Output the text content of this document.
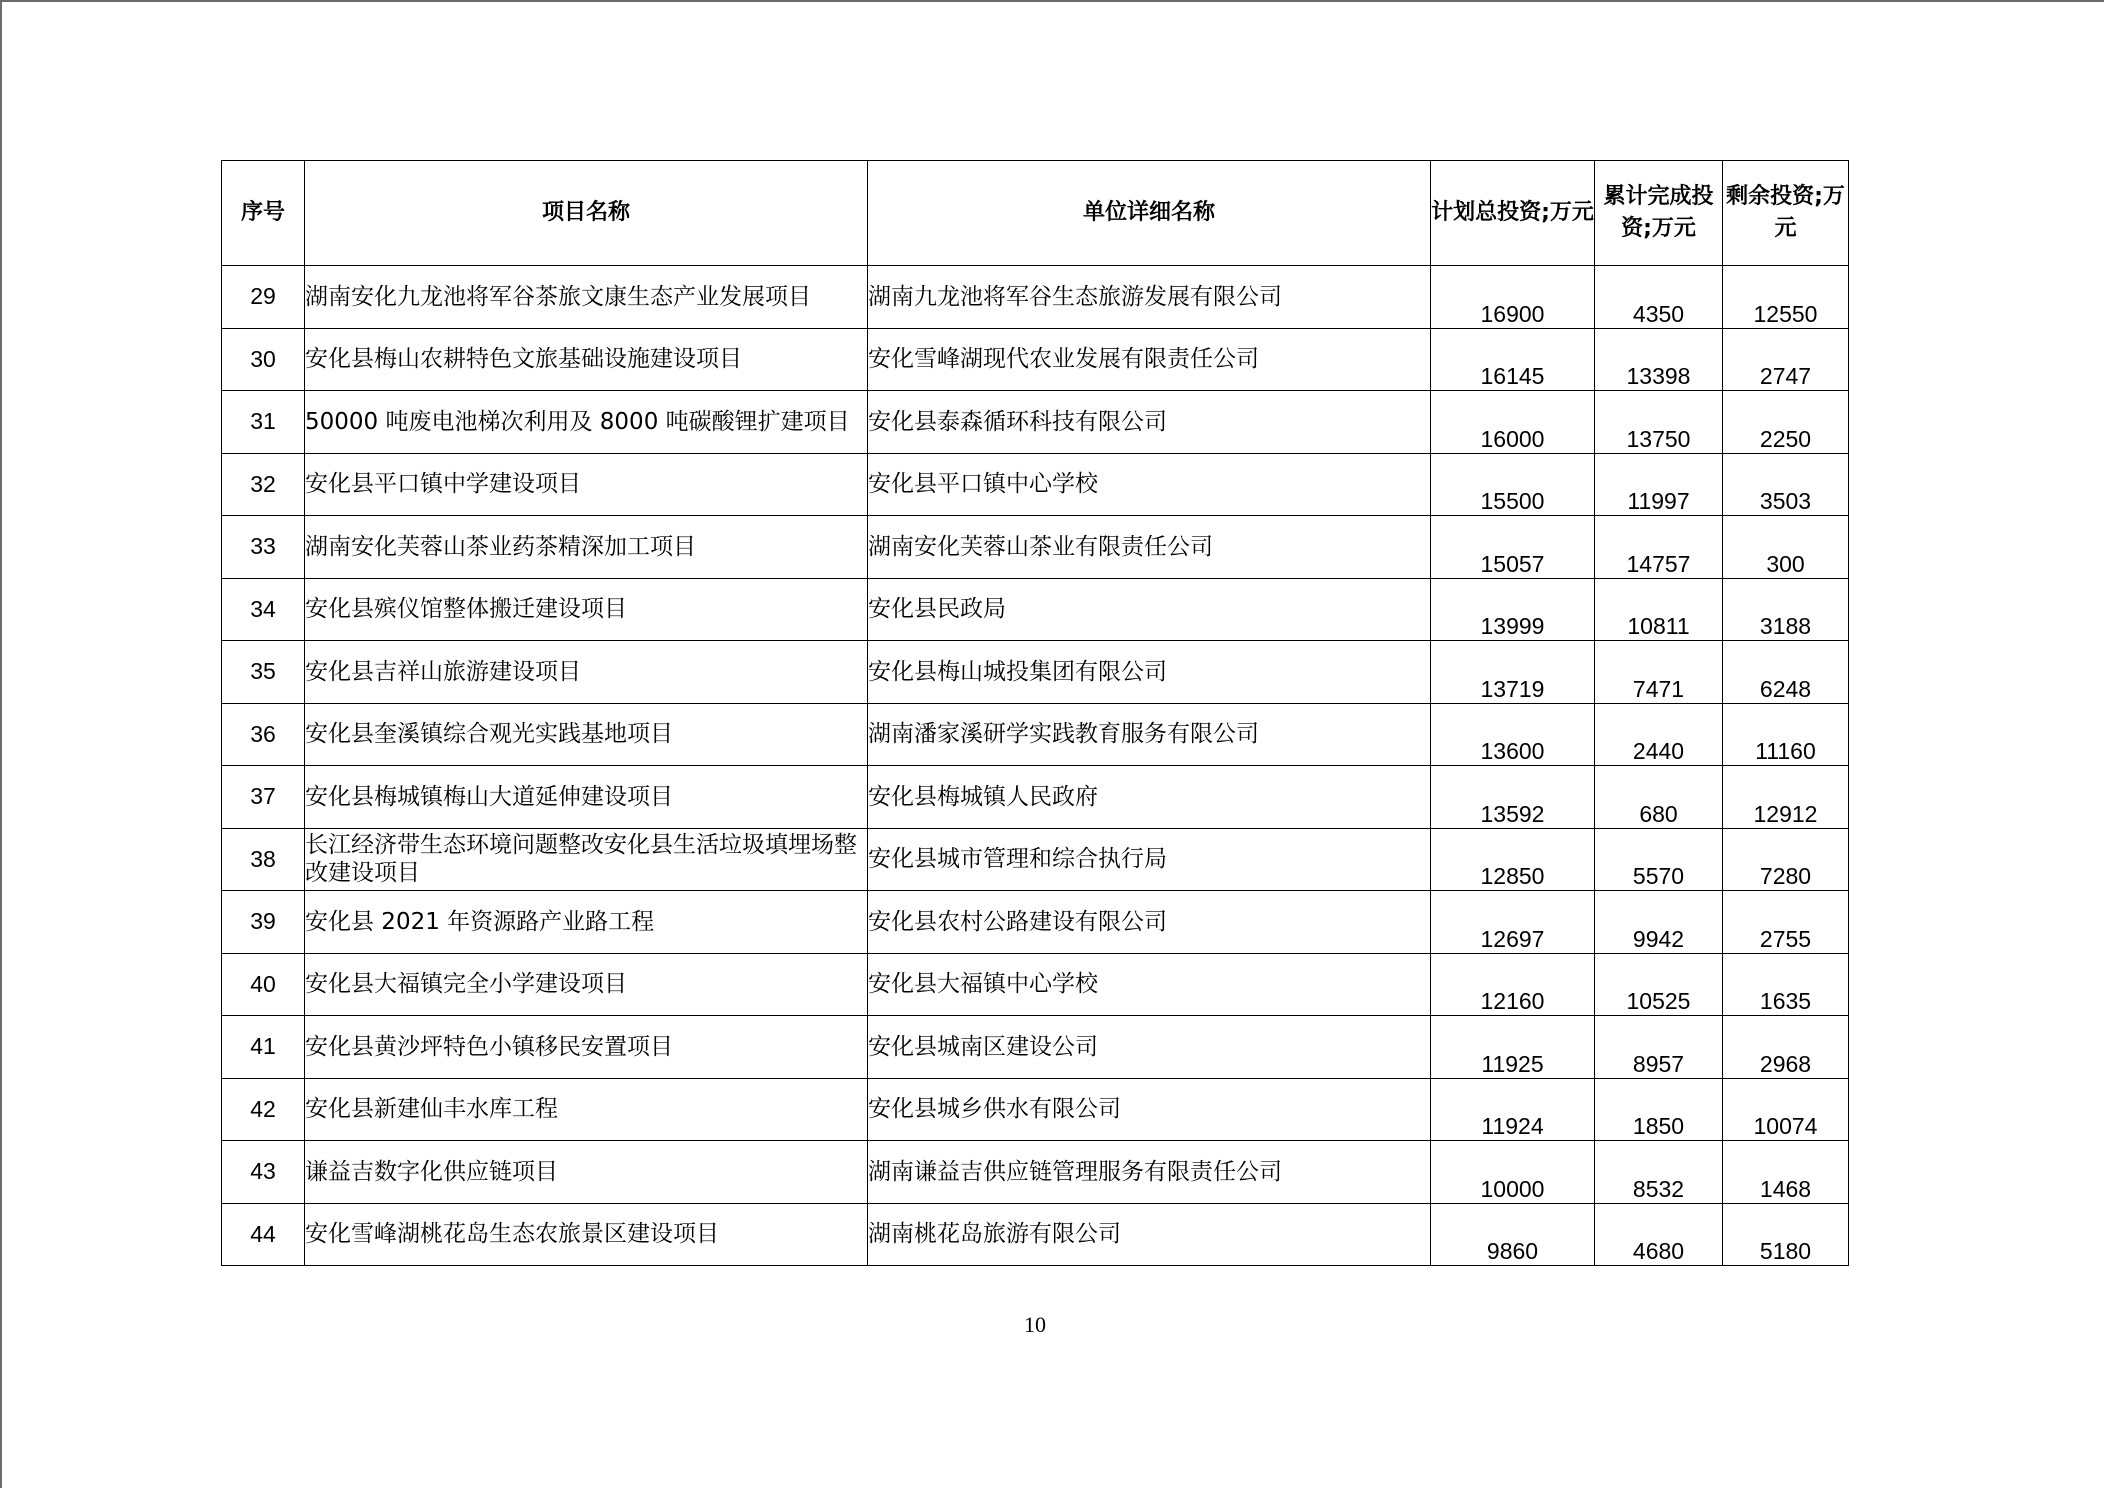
序号	项目名称	单位详细名称	计划总投资;万元	累计完成投资;万元	剩余投资;万元
29	湖南安化九龙池将军谷茶旅文康生态产业发展项目	湖南九龙池将军谷生态旅游发展有限公司	16900	4350	12550
30	安化县梅山农耕特色文旅基础设施建设项目	安化雪峰湖现代农业发展有限责任公司	16145	13398	2747
31	50000 吨废电池梯次利用及 8000 吨碳酸锂扩建项目	安化县泰森循环科技有限公司	16000	13750	2250
32	安化县平口镇中学建设项目	安化县平口镇中心学校	15500	11997	3503
33	湖南安化芙蓉山茶业药茶精深加工项目	湖南安化芙蓉山茶业有限责任公司	15057	14757	300
34	安化县殡仪馆整体搬迁建设项目	安化县民政局	13999	10811	3188
35	安化县吉祥山旅游建设项目	安化县梅山城投集团有限公司	13719	7471	6248
36	安化县奎溪镇综合观光实践基地项目	湖南潘家溪研学实践教育服务有限公司	13600	2440	11160
37	安化县梅城镇梅山大道延伸建设项目	安化县梅城镇人民政府	13592	680	12912
38	长江经济带生态环境问题整改安化县生活垃圾填埋场整改建设项目	安化县城市管理和综合执行局	12850	5570	7280
39	安化县 2021 年资源路产业路工程	安化县农村公路建设有限公司	12697	9942	2755
40	安化县大福镇完全小学建设项目	安化县大福镇中心学校	12160	10525	1635
41	安化县黄沙坪特色小镇移民安置项目	安化县城南区建设公司	11925	8957	2968
42	安化县新建仙丰水库工程	安化县城乡供水有限公司	11924	1850	10074
43	谦益吉数字化供应链项目	湖南谦益吉供应链管理服务有限责任公司	10000	8532	1468
44	安化雪峰湖桃花岛生态农旅景区建设项目	湖南桃花岛旅游有限公司	9860	4680	5180
10
